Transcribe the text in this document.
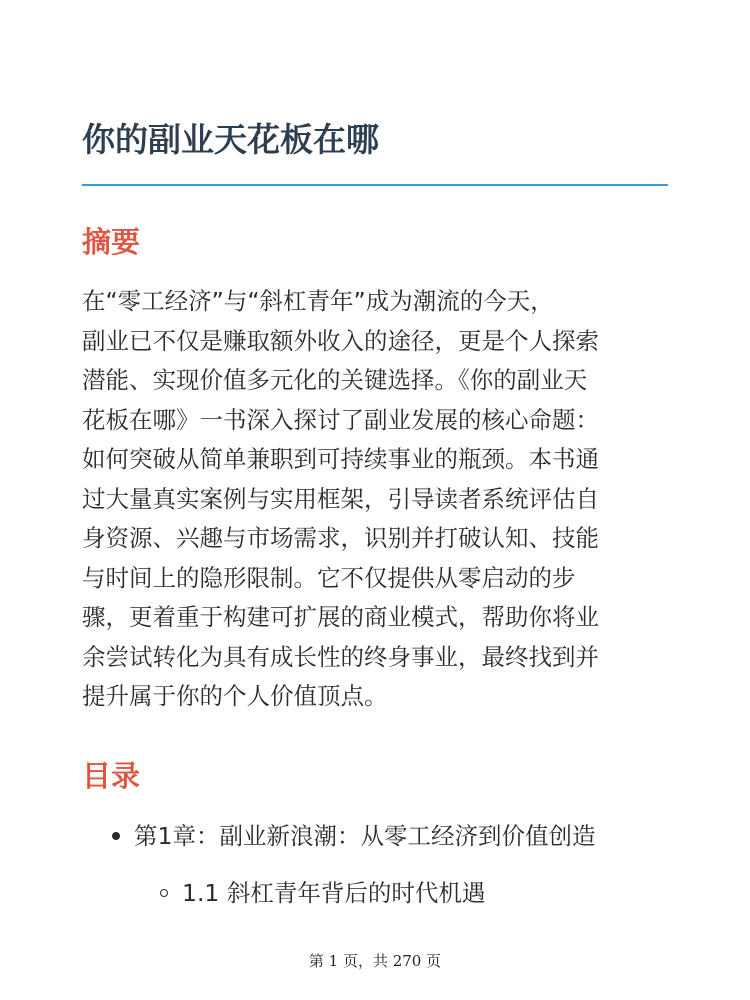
你的副业天花板在哪
摘要
在“零工经济”与“斜杠青年”成为潮流的今天，
副业已不仅是赚取额外收入的途径，更是个人探索
潜能、实现价值多元化的关键选择。《你的副业天
花板在哪》一书深入探讨了副业发展的核心命题：
如何突破从简单兼职到可持续事业的瓶颈。本书通
过大量真实案例与实用框架，引导读者系统评估自
身资源、兴趣与市场需求，识别并打破认知、技能
与时间上的隐形限制。它不仅提供从零启动的步
骤，更着重于构建可扩展的商业模式，帮助你将业
余尝试转化为具有成长性的终身事业，最终找到并
提升属于你的个人价值顶点。
目录
第1章：副业新浪潮：从零工经济到价值创造
1.1 斜杠青年背后的时代机遇
第 1 页，共 270 页
